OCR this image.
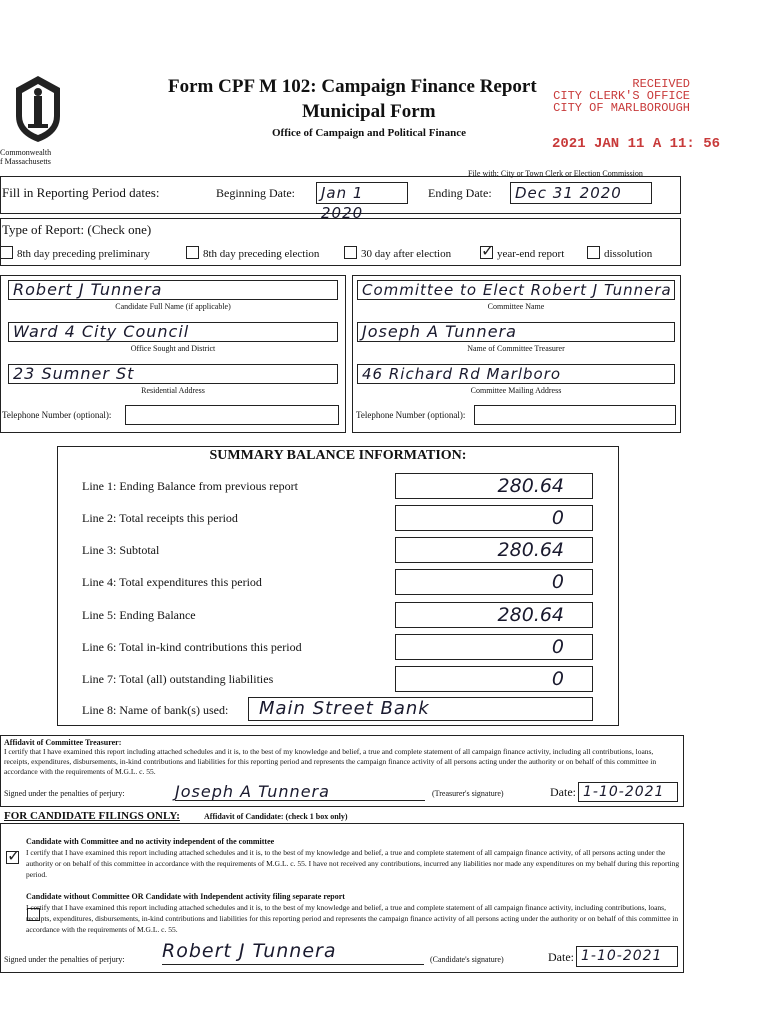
Commonwealth
f Massachusetts
Form CPF M 102: Campaign Finance Report
Municipal Form
Office of Campaign and Political Finance
RECEIVED
CITY CLERK'S OFFICE
CITY OF MARLBOROUGH
2021 JAN 11 A 11: 56
File with: City or Town Clerk or Election Commission
Fill in Reporting Period dates:	Beginning Date:	Jan 1 2020
Ending Date:	Dec 31 2020
Type of Report: (Check one)
8th day preceding preliminary	8th day preceding election	30 day after election ✓	year-end report	dissolution
Robert J Tunnera
Candidate Full Name (if applicable)
Ward 4 City Council
Office Sought and District
23 Sumner St
Residential Address
Telephone Number (optional):
Committee to Elect Robert J Tunnera
Committee Name
Joseph A Tunnera
Name of Committee Treasurer
46 Richard Rd Marlboro
Committee Mailing Address
Telephone Number (optional):
SUMMARY BALANCE INFORMATION:
Line 1: Ending Balance from previous report	280.64
Line 2: Total receipts this period	0
Line 3: Subtotal	280.64
Line 4: Total expenditures this period	0
Line 5: Ending Balance	280.64
Line 6: Total in-kind contributions this period	0
Line 7: Total (all) outstanding liabilities	0
Line 8: Name of bank(s) used:	Main Street Bank
Affidavit of Committee Treasurer:
I certify that I have examined this report including attached schedules and it is, to the best of my knowledge and belief, a true and complete statement of all campaign finance activity, including all contributions, loans, receipts, expenditures, disbursements, in-kind contributions and liabilities for this reporting period and represents the campaign finance activity of all persons acting under the authority or on behalf of this committee in accordance with the requirements of M.G.L. c. 55.
Signed under the penalties of perjury:	Joseph A Tunnera	(Treasurer's signature)	Date: 1-10-2021
FOR CANDIDATE FILINGS ONLY:	Affidavit of Candidate: (check 1 box only)
✓
Candidate with Committee and no activity independent of the committee
I certify that I have examined this report including attached schedules and it is, to the best of my knowledge and belief, a true and complete statement of all campaign finance activity, of all persons acting under the authority or on behalf of this committee in accordance with the requirements of M.G.L. c. 55. I have not received any contributions, incurred any liabilities nor made any expenditures on my behalf during this reporting period.
Candidate without Committee OR Candidate with Independent activity filing separate report
I certify that I have examined this report including attached schedules and it is, to the best of my knowledge and belief, a true and complete statement of all campaign finance activity, including contributions, loans, receipts, expenditures, disbursements, in-kind contributions and liabilities for this reporting period and represents the campaign finance activity of all persons acting under the authority or on behalf of this committee in accordance with the requirements of M.G.L. c. 55.
Signed under the penalties of perjury: Robert J Tunnera	(Candidate's signature)	Date: 1-10-2021
